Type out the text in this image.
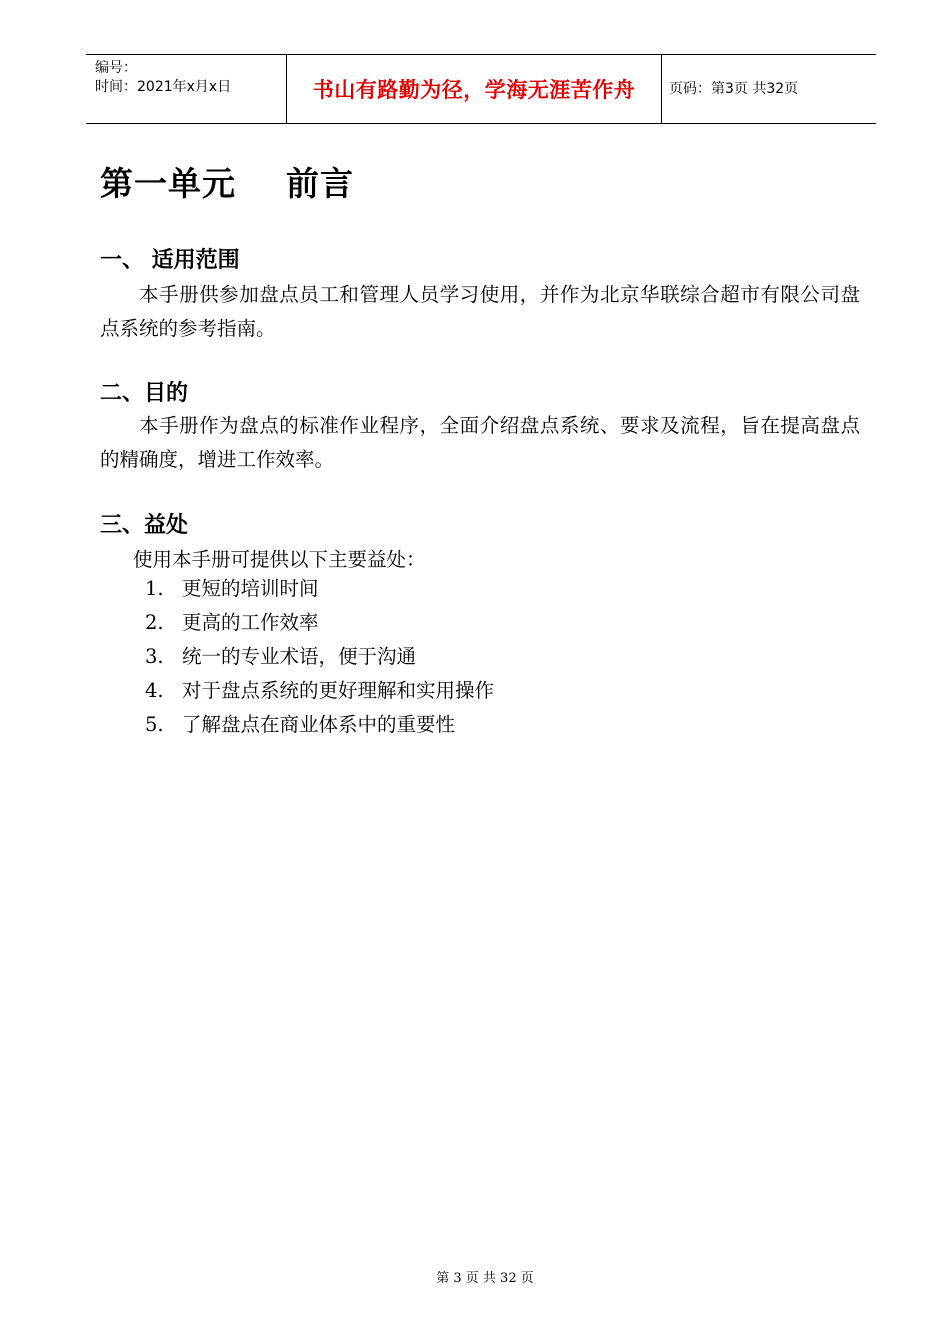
编号：
时间：2021年x月x日	书山有路勤为径，学海无涯苦作舟	页码：第3页 共32页
第一单元    前言
一、 适用范围
本手册供参加盘点员工和管理人员学习使用，并作为北京华联综合超市有限公司盘点系统的参考指南。
二、目的
本手册作为盘点的标准作业程序，全面介绍盘点系统、要求及流程，旨在提高盘点的精确度，增进工作效率。
三、益处
使用本手册可提供以下主要益处：
1. 更短的培训时间
2. 更高的工作效率
3. 统一的专业术语，便于沟通
4. 对于盘点系统的更好理解和实用操作
5. 了解盘点在商业体系中的重要性
第 3 页 共 32 页
